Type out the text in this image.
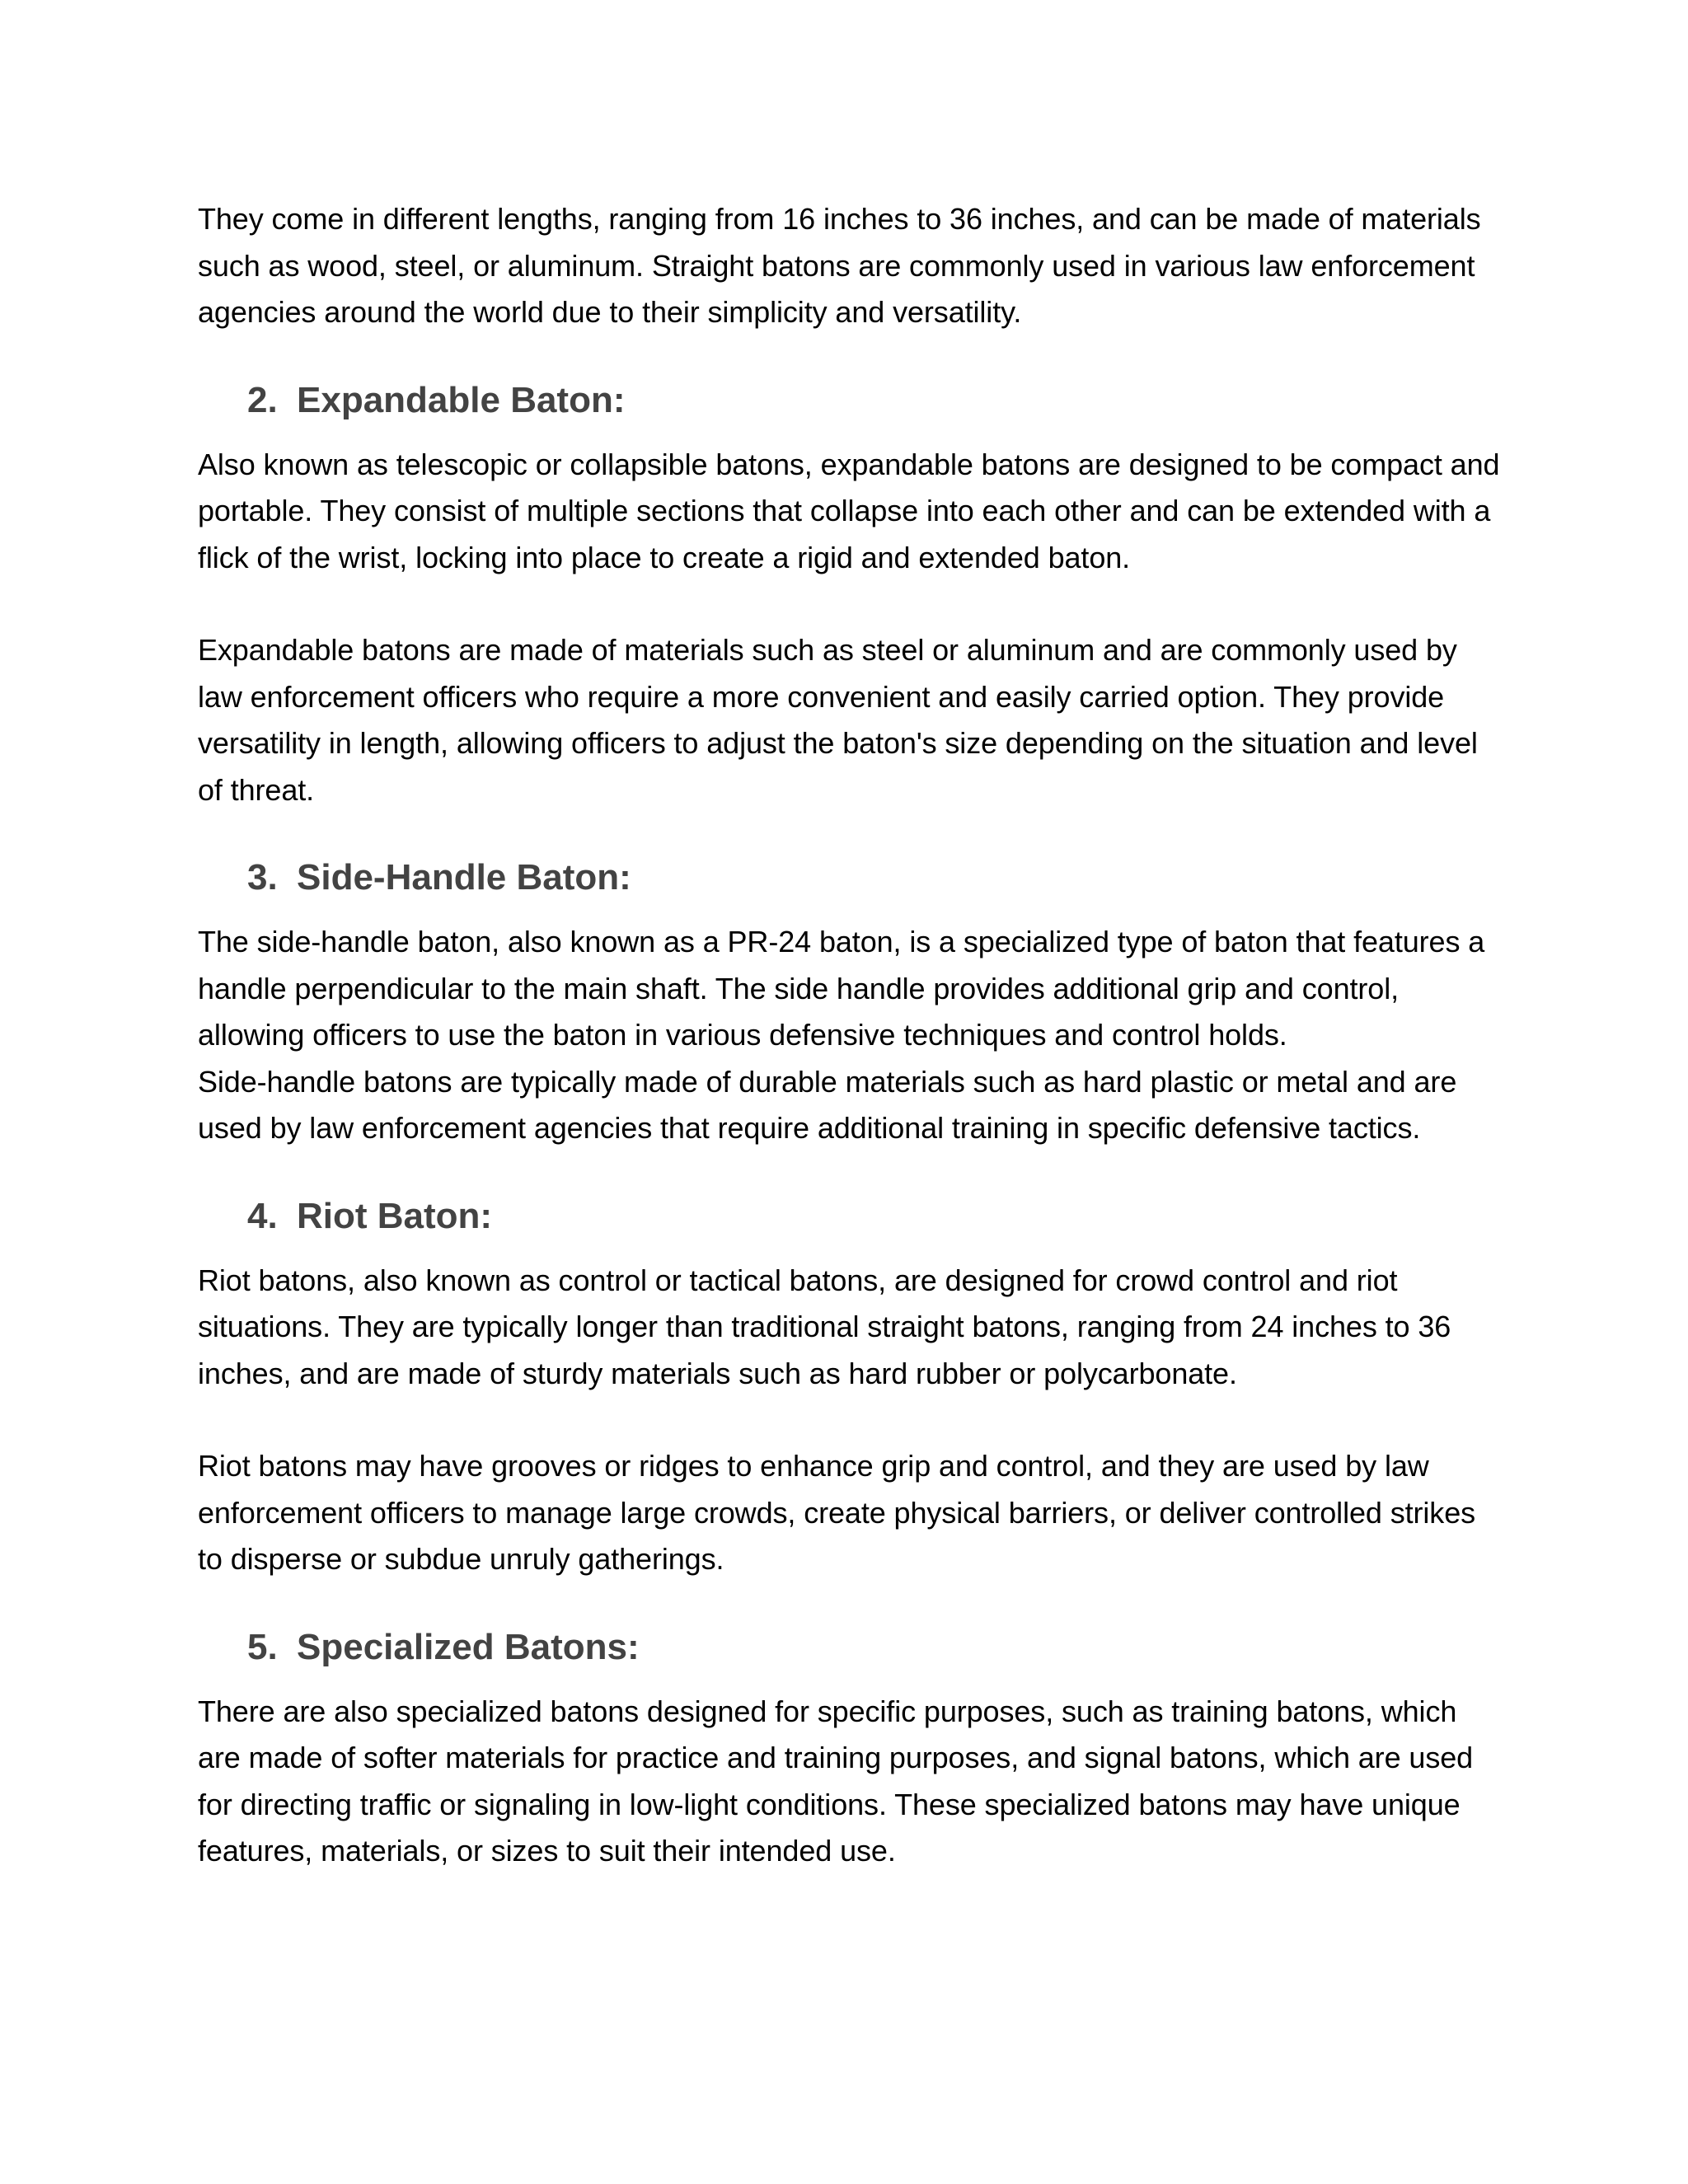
They come in different lengths, ranging from 16 inches to 36 inches, and can be made of materials such as wood, steel, or aluminum. Straight batons are commonly used in various law enforcement agencies around the world due to their simplicity and versatility.

2. Expandable Baton:

Also known as telescopic or collapsible batons, expandable batons are designed to be compact and portable. They consist of multiple sections that collapse into each other and can be extended with a flick of the wrist, locking into place to create a rigid and extended baton.

Expandable batons are made of materials such as steel or aluminum and are commonly used by law enforcement officers who require a more convenient and easily carried option. They provide versatility in length, allowing officers to adjust the baton's size depending on the situation and level of threat.

3. Side-Handle Baton:

The side-handle baton, also known as a PR-24 baton, is a specialized type of baton that features a handle perpendicular to the main shaft. The side handle provides additional grip and control, allowing officers to use the baton in various defensive techniques and control holds.

Side-handle batons are typically made of durable materials such as hard plastic or metal and are used by law enforcement agencies that require additional training in specific defensive tactics.

4. Riot Baton:

Riot batons, also known as control or tactical batons, are designed for crowd control and riot situations. They are typically longer than traditional straight batons, ranging from 24 inches to 36 inches, and are made of sturdy materials such as hard rubber or polycarbonate.

Riot batons may have grooves or ridges to enhance grip and control, and they are used by law enforcement officers to manage large crowds, create physical barriers, or deliver controlled strikes to disperse or subdue unruly gatherings.

5. Specialized Batons:

There are also specialized batons designed for specific purposes, such as training batons, which are made of softer materials for practice and training purposes, and signal batons, which are used for directing traffic or signaling in low-light conditions. These specialized batons may have unique features, materials, or sizes to suit their intended use.
